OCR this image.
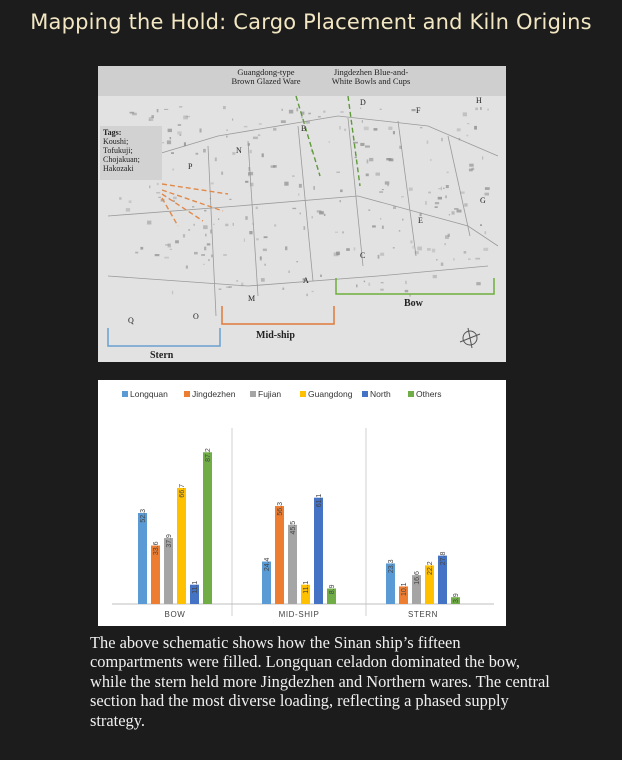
Mapping the Hold: Cargo Placement and Kiln Origins
Guangdong-type Brown Glazed Ware
Jingdezhen Blue-and-White Bowls and Cups
Tags:
Koushi;
Tofukuji;
Chojakuan;
Hakozaki
D
B
F
H
N
P
G
E
C
A
M
Q	O
Bow
Mid-ship
Stern
Longquan	Jingdezhen	Fujian	Guangdong North	Others
52.3
33.6
37.9
66.7
11.1
87.2
BOW
24.4
56.3
45.5
11.1
61.1
8.9
MID-SHIP
23.3
10.1
16.6
22.2
27.8
3.9
STERN
The above schematic shows how the Sinan ship’s fifteen compartments were filled. Longquan celadon dominated the bow, while the stern held more Jingdezhen and Northern wares. The central section had the most diverse loading, reflecting a phased supply strategy.
